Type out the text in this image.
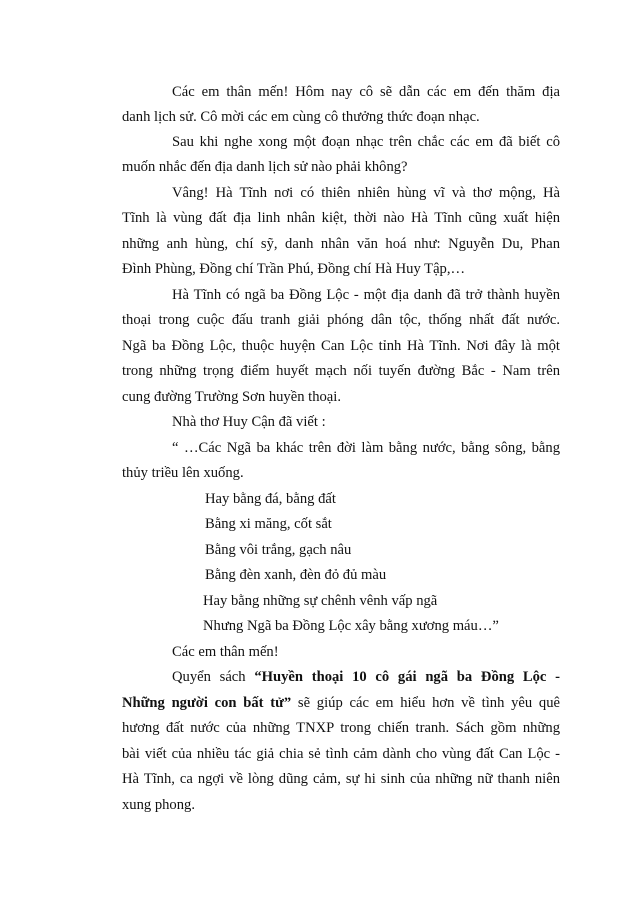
Các em thân mến! Hôm nay cô sẽ dẫn các em đến thăm địa
danh lịch sử. Cô mời các em cùng cô thưởng thức đoạn nhạc.
Sau khi nghe xong một đoạn nhạc trên chắc các em đã biết cô
muốn nhắc đến địa danh lịch sử nào phải không?
Vâng! Hà Tĩnh nơi có thiên nhiên hùng vĩ và thơ mộng, Hà
Tĩnh là vùng đất địa linh nhân kiệt, thời nào Hà Tĩnh cũng xuất hiện
những anh hùng, chí sỹ, danh nhân văn hoá như: Nguyễn Du, Phan
Đình Phùng, Đồng chí Trần Phú, Đồng chí Hà Huy Tập,…
Hà Tĩnh có ngã ba Đồng Lộc - một địa danh đã trở thành huyền
thoại trong cuộc đấu tranh giải phóng dân tộc, thống nhất đất nước.
Ngã ba Đồng Lộc, thuộc huyện Can Lộc tỉnh Hà Tĩnh. Nơi đây là một
trong những trọng điểm huyết mạch nối tuyến đường Bắc - Nam trên
cung đường Trường Sơn huyền thoại.
Nhà thơ Huy Cận đã viết :
“ …Các Ngã ba khác trên đời làm bằng nước, bằng sông, bằng
thủy triều lên xuống.
Hay bằng đá, bằng đất
Bằng xi măng, cốt sắt
Bằng vôi trắng, gạch nâu
Bằng đèn xanh, đèn đỏ đủ màu
Hay bằng những sự chênh vênh vấp ngã
Nhưng Ngã ba Đồng Lộc xây bằng xương máu…”
Các em thân mến!
Quyển sách “Huyền thoại 10 cô gái ngã ba Đồng Lộc -
Những người con bất tử” sẽ giúp các em hiểu hơn về tình yêu quê
hương đất nước của những TNXP trong chiến tranh. Sách gồm những
bài viết của nhiều tác giả chia sẻ tình cảm dành cho vùng đất Can Lộc -
Hà Tĩnh, ca ngợi về lòng dũng cảm, sự hi sinh của những nữ thanh niên
xung phong.
